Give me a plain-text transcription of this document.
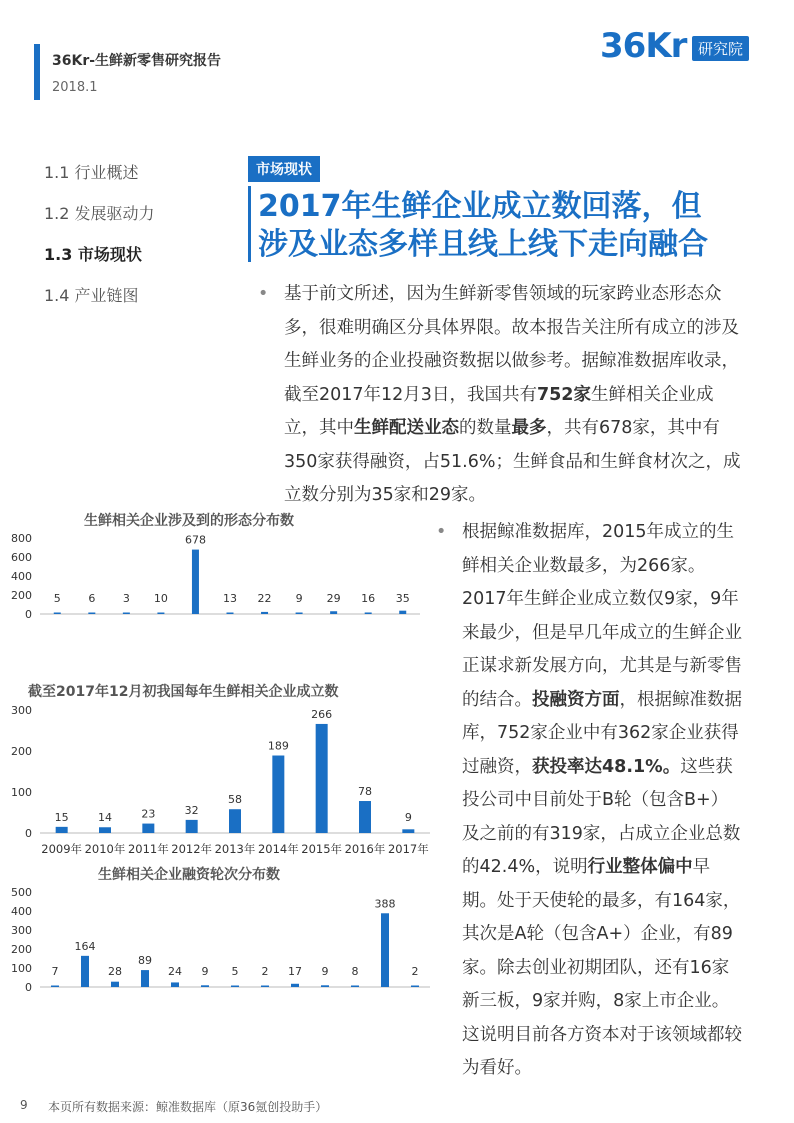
36Kr-生鲜新零售研究报告
2018.1
36Kr 研究院
1.1 行业概述
1.2 发展驱动力
1.3 市场现状
1.4 产业链图
市场现状
2017年生鲜企业成立数回落，但
涉及业态多样且线上线下走向融合
• 基于前文所述，因为生鲜新零售领域的玩家跨业态形态众多，很难明确区分具体界限。故本报告关注所有成立的涉及生鲜业务的企业投融资数据以做参考。据鲸准数据库收录，截至2017年12月3日，我国共有752家生鲜相关企业成立，其中生鲜配送业态的数量最多，共有678家，其中有350家获得融资，占51.6%；生鲜食品和生鲜食材次之，成立数分别为35家和29家。
• 根据鲸准数据库，2015年成立的生鲜相关企业数最多，为266家。2017年生鲜企业成立数仅9家，9年来最少，但是早几年成立的生鲜企业正谋求新发展方向，尤其是与新零售的结合。投融资方面，根据鲸准数据库，752家企业中有362家企业获得过融资，获投率达48.1%。这些获投公司中目前处于B轮（包含B+）及之前的有319家，占成立企业总数的42.4%，说明行业整体偏中早期。处于天使轮的最多，有164家，其次是A轮（包含A+）企业，有89家。除去创业初期团队，还有16家新三板，9家并购，8家上市企业。这说明目前各方资本对于该领域都较为看好。
生鲜相关企业涉及到的形态分布数
0
200
400
600
800
5	6	3 10
678
13 22 9 29 16 35
截至2017年12月初我国每年生鲜相关企业成立数
0
100
200
300
15
2009年
14
2010年
23
2011年
32
2012年
58
2013年
189
2014年
266
2015年
78
2016年
9
2017年
生鲜相关企业融资轮次分布数
0
100
200
300
400
500
7
164
28
89
24 9 5 2 17 9 8
388
2
9 本页所有数据来源：鲸准数据库（原36氪创投助手）
